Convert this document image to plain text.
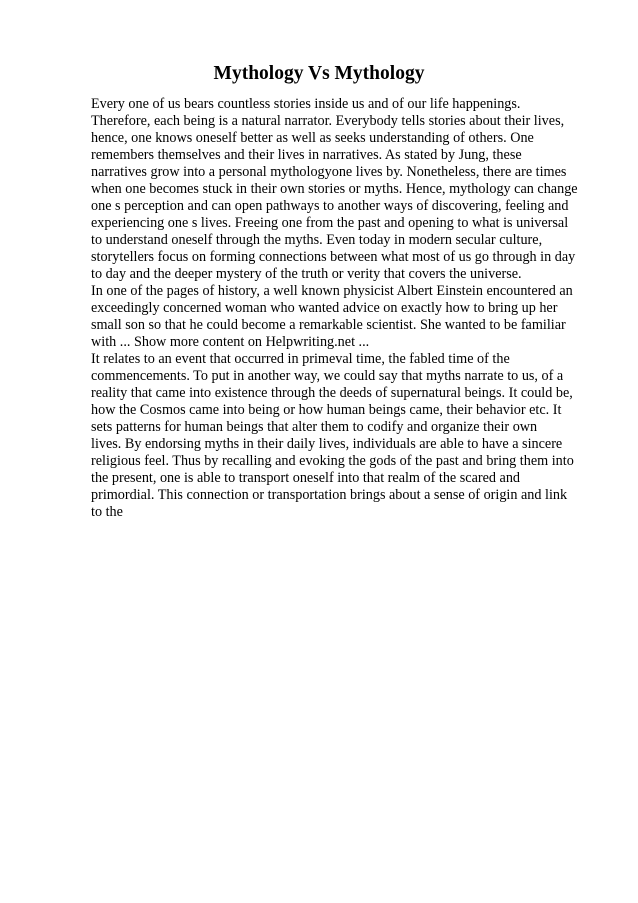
Mythology Vs Mythology
Every one of us bears countless stories inside us and of our life happenings.
Therefore, each being is a natural narrator. Everybody tells stories about their lives,
hence, one knows oneself better as well as seeks understanding of others. One
remembers themselves and their lives in narratives. As stated by Jung, these
narratives grow into a personal mythologyone lives by. Nonetheless, there are times
when one becomes stuck in their own stories or myths. Hence, mythology can change
one s perception and can open pathways to another ways of discovering, feeling and
experiencing one s lives. Freeing one from the past and opening to what is universal
to understand oneself through the myths. Even today in modern secular culture,
storytellers focus on forming connections between what most of us go through in day
to day and the deeper mystery of the truth or verity that covers the universe.
In one of the pages of history, a well known physicist Albert Einstein encountered an
exceedingly concerned woman who wanted advice on exactly how to bring up her
small son so that he could become a remarkable scientist. She wanted to be familiar
with ... Show more content on Helpwriting.net ...
It relates to an event that occurred in primeval time, the fabled time of the
commencements. To put in another way, we could say that myths narrate to us, of a
reality that came into existence through the deeds of supernatural beings. It could be,
how the Cosmos came into being or how human beings came, their behavior etc. It
sets patterns for human beings that alter them to codify and organize their own
lives. By endorsing myths in their daily lives, individuals are able to have a sincere
religious feel. Thus by recalling and evoking the gods of the past and bring them into
the present, one is able to transport oneself into that realm of the scared and
primordial. This connection or transportation brings about a sense of origin and link
to the
